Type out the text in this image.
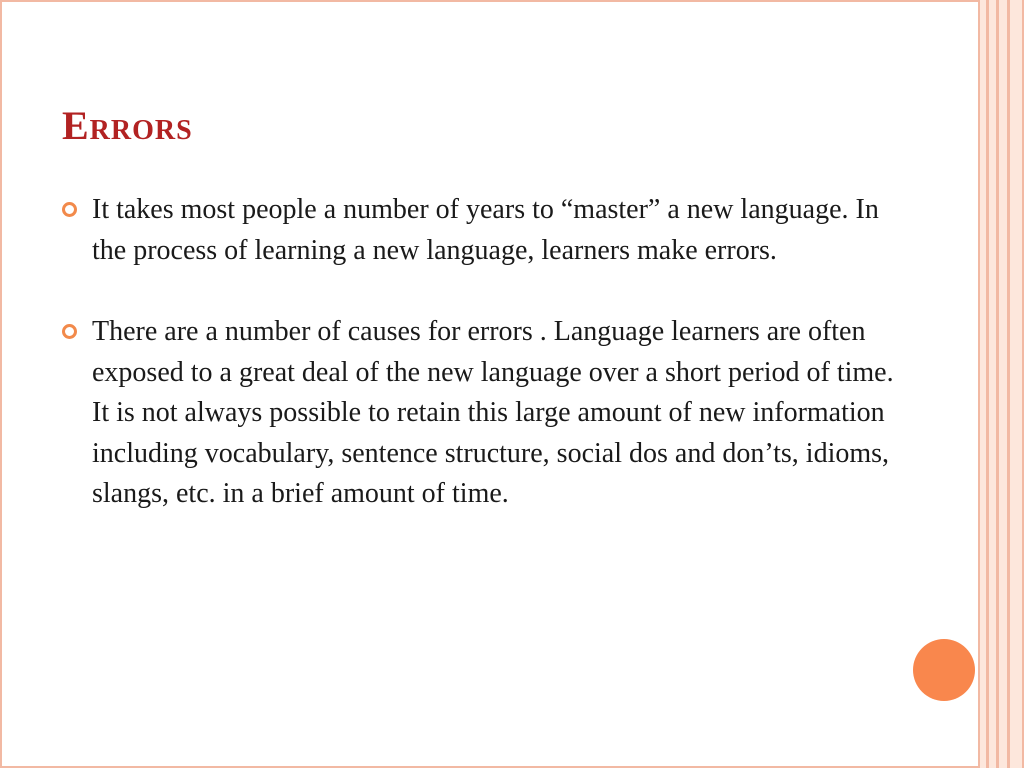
Errors
It takes most people a number of years to “master” a new language. In the process of learning a new language, learners make errors.
There are a number of causes for errors . Language learners are often exposed to a great deal of the new language over a short period of time. It is not always possible to retain this large amount of new information including vocabulary, sentence structure, social dos and don’ts, idioms, slangs, etc. in a brief amount of time.
